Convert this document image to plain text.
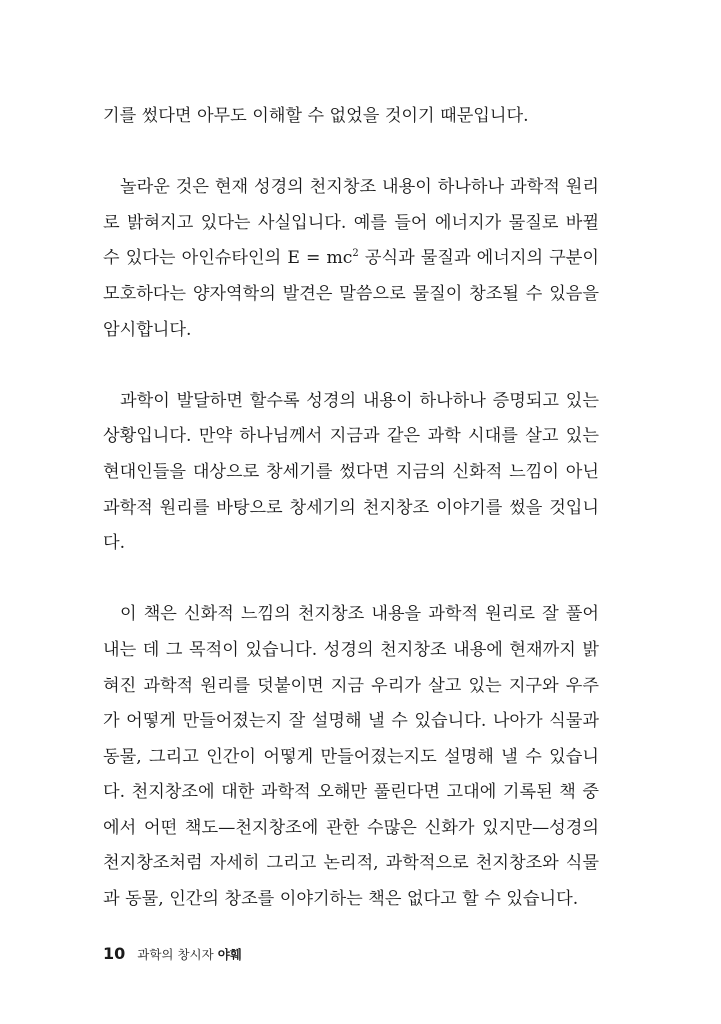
기를 썼다면 아무도 이해할 수 없었을 것이기 때문입니다.

놀라운 것은 현재 성경의 천지창조 내용이 하나하나 과학적 원리로 밝혀지고 있다는 사실입니다. 예를 들어 에너지가 물질로 바뀔 수 있다는 아인슈타인의 $E = mc^2$ 공식과 물질과 에너지의 구분이 모호하다는 양자역학의 발견은 말씀으로 물질이 창조될 수 있음을 암시합니다.

과학이 발달하면 할수록 성경의 내용이 하나하나 증명되고 있는 상황입니다. 만약 하나님께서 지금과 같은 과학 시대를 살고 있는 현대인들을 대상으로 창세기를 썼다면 지금의 신화적 느낌이 아닌 과학적 원리를 바탕으로 창세기의 천지창조 이야기를 썼을 것입니다.

이 책은 신화적 느낌의 천지창조 내용을 과학적 원리로 잘 풀어내는 데 그 목적이 있습니다. 성경의 천지창조 내용에 현재까지 밝혀진 과학적 원리를 덧붙이면 지금 우리가 살고 있는 지구와 우주가 어떻게 만들어졌는지 잘 설명해 낼 수 있습니다. 나아가 식물과 동물, 그리고 인간이 어떻게 만들어졌는지도 설명해 낼 수 있습니다. 천지창조에 대한 과학적 오해만 풀린다면 고대에 기록된 책 중에서 어떤 책도—천지창조에 관한 수많은 신화가 있지만—성경의 천지창조처럼 자세히 그리고 논리적, 과학적으로 천지창조와 식물과 동물, 인간의 창조를 이야기하는 책은 없다고 할 수 있습니다.

10 과학의 창시자 야훼
